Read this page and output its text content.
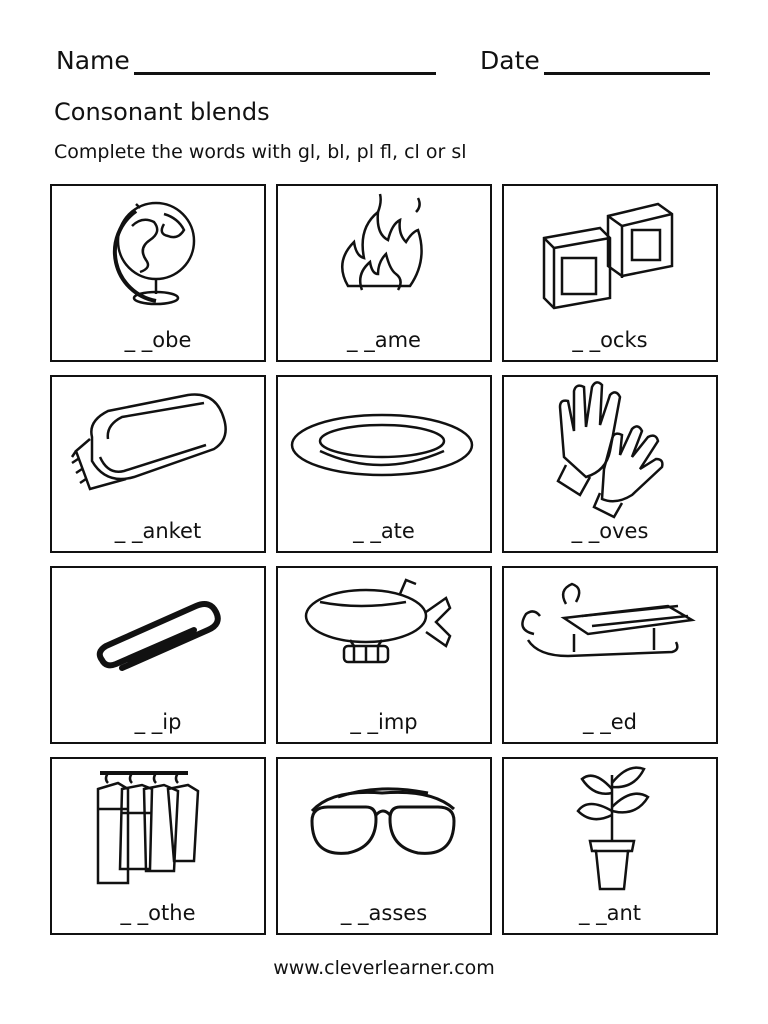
Name	Date
Consonant blends
Complete the words with gl, bl, pl fl, cl or sl
_ _obe	_ _ame	_ _ocks
_ _anket	_ _ate	_ _oves
_ _ip	_ _imp	_ _ed
_ _othe	_ _asses	_ _ant
www.cleverlearner.com
